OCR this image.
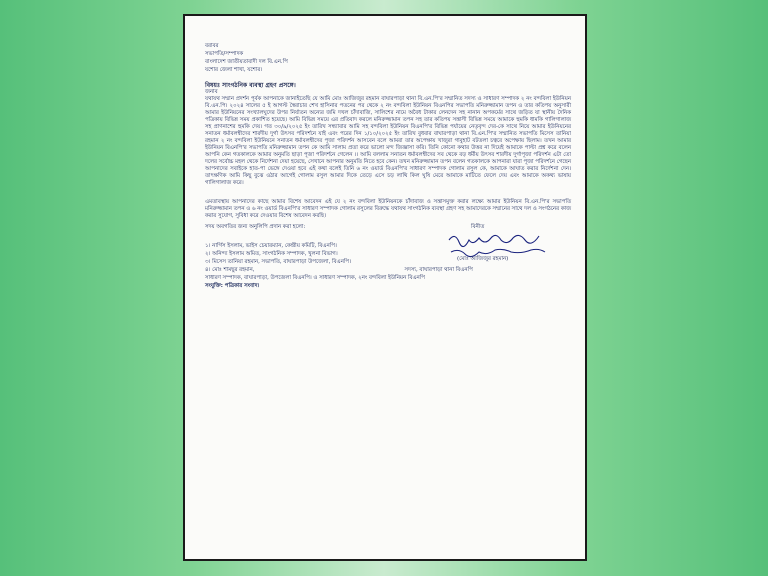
বরাবর

সভাপতি/সম্পাদক

বাংলাদেশ জাতীয়তাবাদী দল বি.এন.পি

যশোর জেলা শাখা, যশোর।

বিষয়ঃ সাংগঠনিক ব্যবস্থা গ্রহণ প্রসঙ্গে।

জনাব

যথাযথ সম্মান প্রদর্শন পূর্বক আপনাকে জানাইতেছি যে আমি মোঃ আজিজুর রহমান বাঘারপাড়া থানা বি.এন.পি'র সম্মানিত সদস্য ও সাধারণ সম্পাদক ২ নং বন্দবিলা ইউনিয়ন বি.এন.পি। ২০২৪ সালের ৫ ই আগস্ট স্বৈরাচার শেখ হাসিনার পতনের পর থেকে ২ নং বন্দবিলা ইউনিয়ন বিএনপির সভাপতি মনিরুজ্জামান তপন ও তার কতিপয় অনুসারী আমার ইউনিয়নের সংখ্যালঘুদের উপর নির্যাতন অন্যের জমি দখল চাঁদাবাজি, সালিশের নামে অবৈধ টাকার লেনদেন সহ নানান অপকর্মের সাথে জড়িত যা স্থানীয় দৈনিক পত্রিকায় বিভিন্ন সময় প্রকাশিত হয়েছে। আমি বিভিন্ন সময়ে এর প্রতিবাদ করলে মনিরুজ্জামান তপন সহ তার কতিপয় সন্ত্রাসী বিভিন্ন সময়ে আমাকে হুমকি ধামকি গালিগালাজ সহ প্রাণনাশের হুমকি দেয়। গত ৩০/৯/২০২৫ ইং তারিখ সন্ধ্যাবার আমি সহ বন্দবিলা ইউনিয়ন বিএনপি'র বিভিন্ন পর্যায়ের নেতৃবৃন্দ দের-কে সাথে নিয়ে আমার ইউনিয়নের সনাতন ধর্মাবলম্বীদের শারদীয় দুর্গা উৎসব পরিদর্শনে যাই এবং পরের দিন ১/১০/২০২৫ ইং তারিখ বুধবার বাঘারপাড়া থানা বি.এন.পি'র সম্মানিত সভাপতি মিসেস তানিয়া রহমান ২ নং বন্দবিলা ইউনিয়নে সনাতন ধর্মাবলম্বীদের পূজা পরিদর্শন আসবেন বলে আমরা তার অপেক্ষায় খাজুরা গাবুহাট বটতলা চত্বরে অপেক্ষায় ছিলাম। তখন আমার ইউনিয়ন বিএনপি'র সভাপতি মনিরুজ্জামান তপন কে আমি সালাম প্রতা করে ভালো মন্দ জিজ্ঞাসা করি। তিনি কোনো কথার উত্তর না দিয়েই আমাকে পাল্টা প্রশ্ন করে বলেন আপনি কেন গতকালকে আমার অনুমতি ছাড়া পূজা পরিদর্শনে গেলেন ।। আমি বললাম সনাতন ধর্মাবলম্বীদের সব থেকে বড় ধর্মীয় উৎসব শারদীয় দুর্গাপূজা পরিদর্শন এটা তো দলের সর্বোচ্চ মহল থেকে নির্দেশনা দেয়া হয়েছে, সেখানে আপনার অনুমতি নিতে হবে কেন। তখন মনিরুজ্জামান তপন বলেন গতকালকে আপনারা যারা পূজা পরিদর্শনে গেছেন আপনাদের সবাইকে হাত-পা ভেঙ্গে দেওয়া হবে এই কথা বলেই তিনি ৬ নং ওয়ার্ড বিএনপি'র সাধারণ সম্পাদক গোলাম রসুল কে, আমাকে আঘাত করার নির্দেশনা দেন। তাৎক্ষণিক আমি কিছু বুঝে ওঠার আগেই গোলাম রসুল আমার দিকে তেড়ে এসে চড় লাথি কিল ঘুষি মেরে আমাকে মাটিতে ফেলে দেয় এবং আমাকে অকথ্য ভাষায় গালিগালাজ করে।

এমতাবস্থায় আপনাদের কাছে আমার বিশেষ আবেদন এই যে ২ নং বন্দবিলা ইউনিয়নকে চাঁদাবাজ ও সন্ত্রাসমুক্ত করার লক্ষ্যে আমার ইউনিয়ন বি.এন.পি'র সভাপতি মনিরুজ্জামান তপন ও ৬ নং ওয়ার্ড বিএনপি'র সাধারণ সম্পাদক গোলাম রসুলের বিরুদ্ধে যথাযথ সাংগঠনিক ব্যবস্থা গ্রহণ সহ আমাদেরকে সম্মানের সাথে দল ও সংগঠনের কাজ করার সুযোগ, সুবিধা করে দেওয়ার বিশেষ আবেদন করছি।

সদয় অবগতির জন্য অনুলিপি প্রদান করা হলো:	বিনীত

(মোঃ আজিজুর রহমান)

১। নার্গিস ইসলাম, ভাইস চেয়ারম্যান, কেন্দ্রীয় কমিটি, বিএনপি।

২। অনিন্দ্য ইসলাম অমিত, সাংগঠনিক সম্পাদক, খুলনা বিভাগ।

৩। মিসেস তানিয়া রহমান, সভাপতি, বাঘারপাড়া উপজেলা, বিএনপি।

৪। মোঃ শামছুর রহমান,	সদস্য, বাঘারপাড়া থানা বিএনপি

সাধারণ সম্পাদক, বাঘারপাড়া, উপজেলা বিএনপি। ও সাধারণ সম্পাদক, ২নং বন্দবিলা ইউনিয়ন বিএনপি

সংযুক্তি: পত্রিকার সংবাদ।
